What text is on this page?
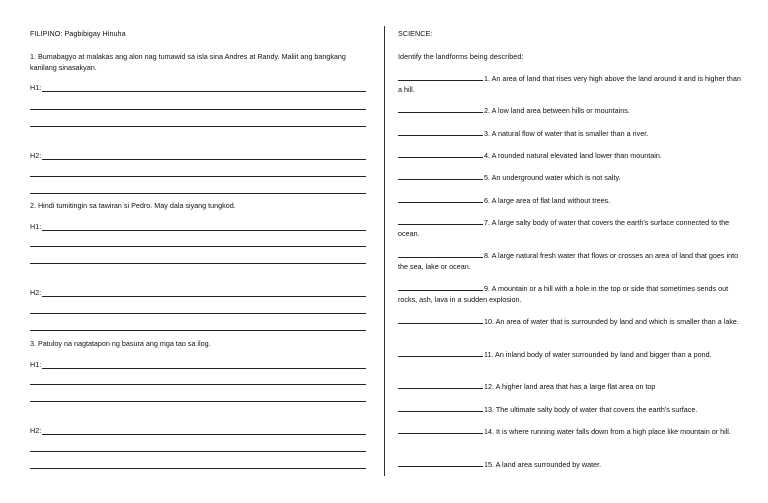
FILIPINO: Pagbibigay Hinuha
1. Bumabagyo at malakas ang alon nag tumawid sa isla sina Andres at Randy. Maliit ang bangkang kanilang sinasakyan.
H1:
H2:
2. Hindi tumitingin sa tawiran si Pedro. May dala siyang tungkod.
H1:
H2:
3. Patuloy na nagtatapon ng basura ang mga tao sa ilog.
H1:
H2:
SCIENCE:
Identify the landforms being described:
1. An area of land that rises very high above the land around it and is higher than a hill.
2. A low land area between hills or mountains.
3. A natural flow of water that is smaller than a river.
4. A rounded natural elevated land lower than mountain.
5. An underground water which is not salty.
6. A large area of flat land without trees.
7. A large salty body of water that covers the earth's surface connected to the ocean.
8. A large natural fresh water that flows or crosses an area of land that goes into the sea, lake or ocean.
9. A mountain or a hill with a hole in the top or side that sometimes sends out rocks, ash, lava in a sudden explosion.
10. An area of water that is surrounded by land and which is smaller than a lake.
11. An inland body of water surrounded by land and bigger than a pond.
12. A higher land area that has a large flat area on top
13. The ultimate salty body of water that covers the earth's surface.
14. It is where running water falls down from a high place like mountain or hill.
15. A land area surrounded by water.
